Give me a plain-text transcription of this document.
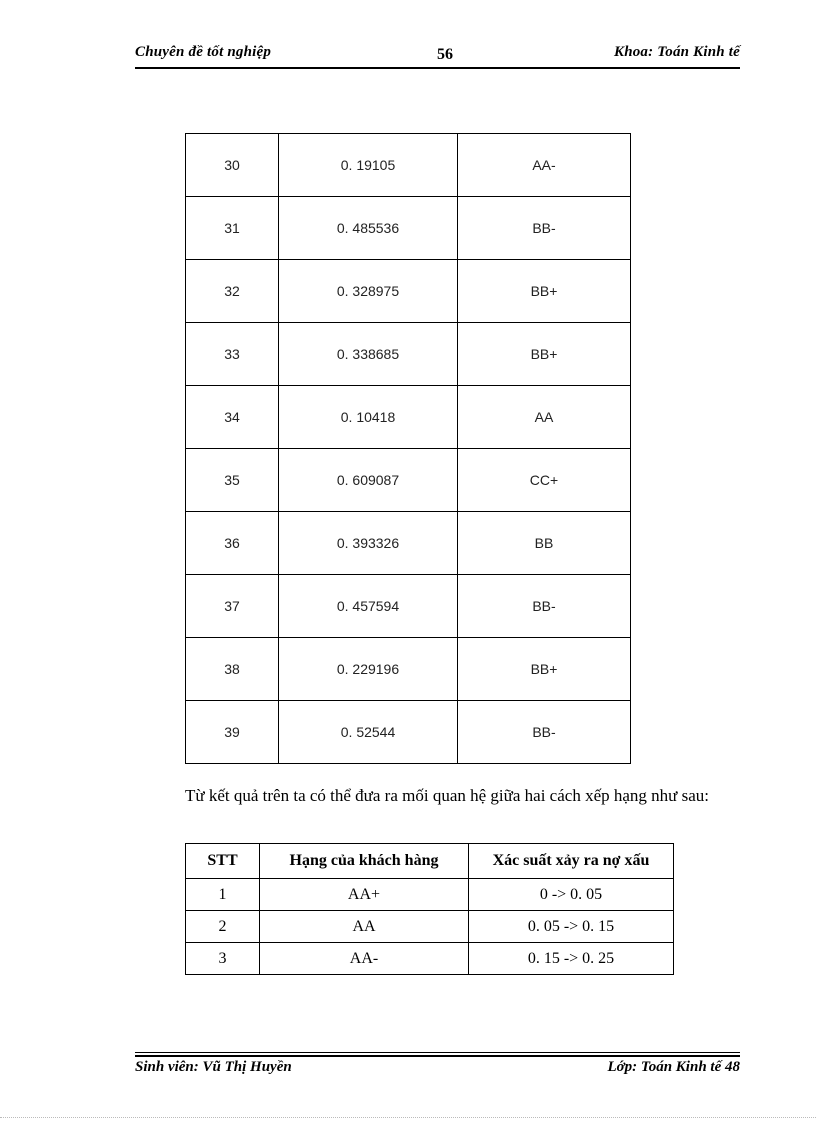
Chuyên đề tốt nghiệp	56	Khoa: Toán Kinh tế
30	0. 19105	AA-
31	0. 485536	BB-
32	0. 328975	BB+
33	0. 338685	BB+
34	0. 10418	AA
35	0. 609087	CC+
36	0. 393326	BB
37	0. 457594	BB-
38	0. 229196	BB+
39	0. 52544	BB-

Từ kết quả trên ta có thể đưa ra mối quan hệ giữa hai cách xếp hạng như sau:

STT	Hạng của khách hàng	Xác suất xảy ra nợ xấu
1	AA+	0 -> 0. 05
2	AA	0. 05 -> 0. 15
3	AA-	0. 15 -> 0. 25
Sinh viên: Vũ Thị Huyền	Lớp: Toán Kinh tế 48
